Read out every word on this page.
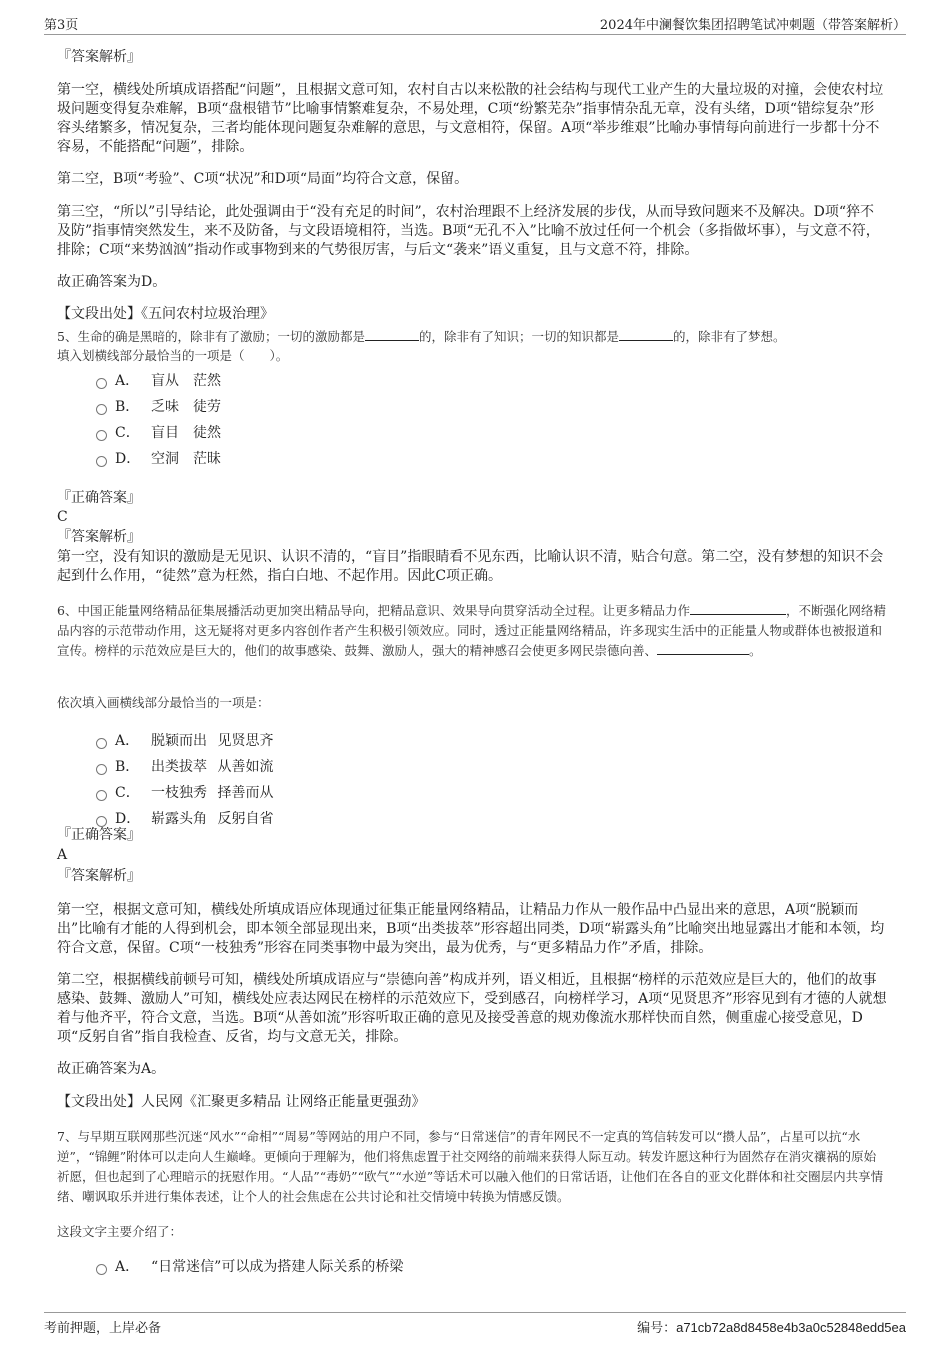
第3页	2024年中澜餐饮集团招聘笔试冲刺题（带答案解析）
『答案解析』
第一空，横线处所填成语搭配“问题”，且根据文意可知，农村自古以来松散的社会结构与现代工业产生的大量垃圾的对撞，会使农村垃圾问题变得复杂难解，B项“盘根错节”比喻事情繁难复杂，不易处理，C项“纷繁芜杂”指事情杂乱无章，没有头绪，D项“错综复杂”形容头绪繁多，情况复杂，三者均能体现问题复杂难解的意思，与文意相符，保留。A项“举步维艰”比喻办事情每向前进行一步都十分不容易，不能搭配“问题”，排除。
第二空，B项“考验”、C项“状况”和D项“局面”均符合文意，保留。
第三空，“所以”引导结论，此处强调由于“没有充足的时间”，农村治理跟不上经济发展的步伐，从而导致问题来不及解决。D项“猝不及防”指事情突然发生，来不及防备，与文段语境相符，当选。B项“无孔不入”比喻不放过任何一个机会（多指做坏事），与文意不符，排除；C项“来势汹汹”指动作或事物到来的气势很厉害，与后文“袭来”语义重复，且与文意不符，排除。
故正确答案为D。
【文段出处】《五问农村垃圾治理》
5、生命的确是黑暗的，除非有了激励；一切的激励都是	的，除非有了知识；一切的知识都是	的，除非有了梦想。
填入划横线部分最恰当的一项是（　　）。
A． 盲从　茫然
B． 乏味　徒劳
C． 盲目　徒然
D． 空洞　茫昧
『正确答案』
C
『答案解析』
第一空，没有知识的激励是无见识、认识不清的，“盲目”指眼睛看不见东西，比喻认识不清，贴合句意。第二空，没有梦想的知识不会起到什么作用，“徒然”意为枉然，指白白地、不起作用。因此C项正确。
6、中国正能量网络精品征集展播活动更加突出精品导向，把精品意识、效果导向贯穿活动全过程。让更多精品力作	，不断强化网络精品内容的示范带动作用，这无疑将对更多内容创作者产生积极引领效应。同时，透过正能量网络精品，许多现实生活中的正能量人物或群体也被报道和宣传。榜样的示范效应是巨大的，他们的故事感染、鼓舞、激励人，强大的精神感召会使更多网民崇德向善、	。
依次填入画横线部分最恰当的一项是：
A． 脱颖而出 见贤思齐
B． 出类拔萃 从善如流
C． 一枝独秀 择善而从
D． 崭露头角 反躬自省
『正确答案』
A
『答案解析』
第一空，根据文意可知，横线处所填成语应体现通过征集正能量网络精品，让精品力作从一般作品中凸显出来的意思，A项“脱颖而出”比喻有才能的人得到机会，即本领全部显现出来，B项“出类拔萃”形容超出同类，D项“崭露头角”比喻突出地显露出才能和本领，均符合文意，保留。C项“一枝独秀”形容在同类事物中最为突出，最为优秀，与“更多精品力作”矛盾，排除。
第二空，根据横线前顿号可知，横线处所填成语应与“崇德向善”构成并列，语义相近，且根据“榜样的示范效应是巨大的，他们的故事感染、鼓舞、激励人”可知，横线处应表达网民在榜样的示范效应下，受到感召，向榜样学习，A项“见贤思齐”形容见到有才德的人就想着与他齐平，符合文意，当选。B项“从善如流”形容听取正确的意见及接受善意的规劝像流水那样快而自然，侧重虚心接受意见，D项“反躬自省”指自我检查、反省，均与文意无关，排除。
故正确答案为A。
【文段出处】人民网《汇聚更多精品 让网络正能量更强劲》
7、与早期互联网那些沉迷“风水”“命相”“周易”等网站的用户不同，参与“日常迷信”的青年网民不一定真的笃信转发可以“攒人品”，占星可以抗“水逆”，“锦鲤”附体可以走向人生巅峰。更倾向于理解为，他们将焦虑置于社交网络的前端来获得人际互动。转发许愿这种行为固然存在消灾禳祸的原始祈愿，但也起到了心理暗示的抚慰作用。“人品”“毒奶”“欧气”“水逆”等话术可以融入他们的日常话语，让他们在各自的亚文化群体和社交圈层内共享情绪、嘲讽取乐并进行集体表述，让个人的社会焦虑在公共讨论和社交情境中转换为情感反馈。
这段文字主要介绍了：
A． “日常迷信”可以成为搭建人际关系的桥梁
考前押题，上岸必备	编号：a71cb72a8d8458e4b3a0c52848edd5ea
